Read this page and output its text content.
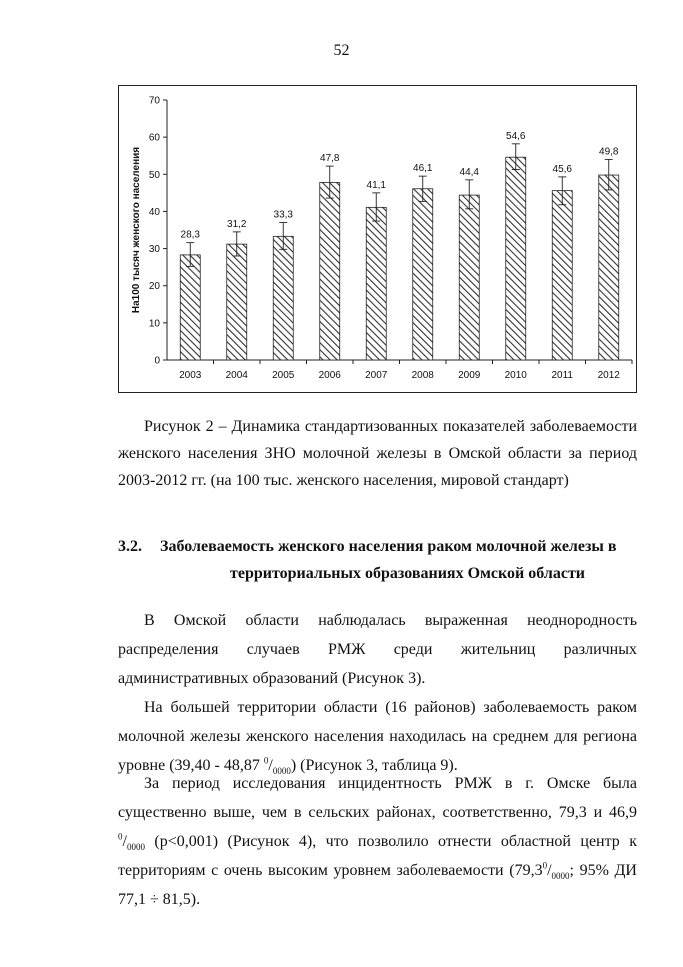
52
0
10
20
30
40
50
60
70
На100 тысяч женского населения	28,3
2003
31,2
2004
33,3
2005
47,8
2006
41,1
2007
46,1
2008
44,4
2009
54,6
2010
45,6
2011
49,8
2012
Рисунок 2 – Динамика стандартизованных показателей заболеваемости женского населения ЗНО молочной железы в Омской области за период 2003-2012 гг. (на 100 тыс. женского населения, мировой стандарт)
3.2. Заболеваемость женского населения раком молочной железы в
территориальных образованиях Омской области

В Омской области наблюдалась выраженная неоднородность распределения случаев РМЖ среди жительниц различных административных образований (Рисунок 3).

На большей территории области (16 районов) заболеваемость раком молочной железы женского населения находилась на среднем для региона уровне (39,40 - 48,87 $^0/_{0000}$) (Рисунок 3, таблица 9).

За период исследования инцидентность РМЖ в г. Омске была существенно выше, чем в сельских районах, соответственно, 79,3 и 46,9 $^0/_{0000}$ (p<0,001) (Рисунок 4), что позволило отнести областной центр к территориям с очень высоким уровнем заболеваемости ($79,3^0/_{0000}$; 95% ДИ 77,1 ÷ 81,5).
